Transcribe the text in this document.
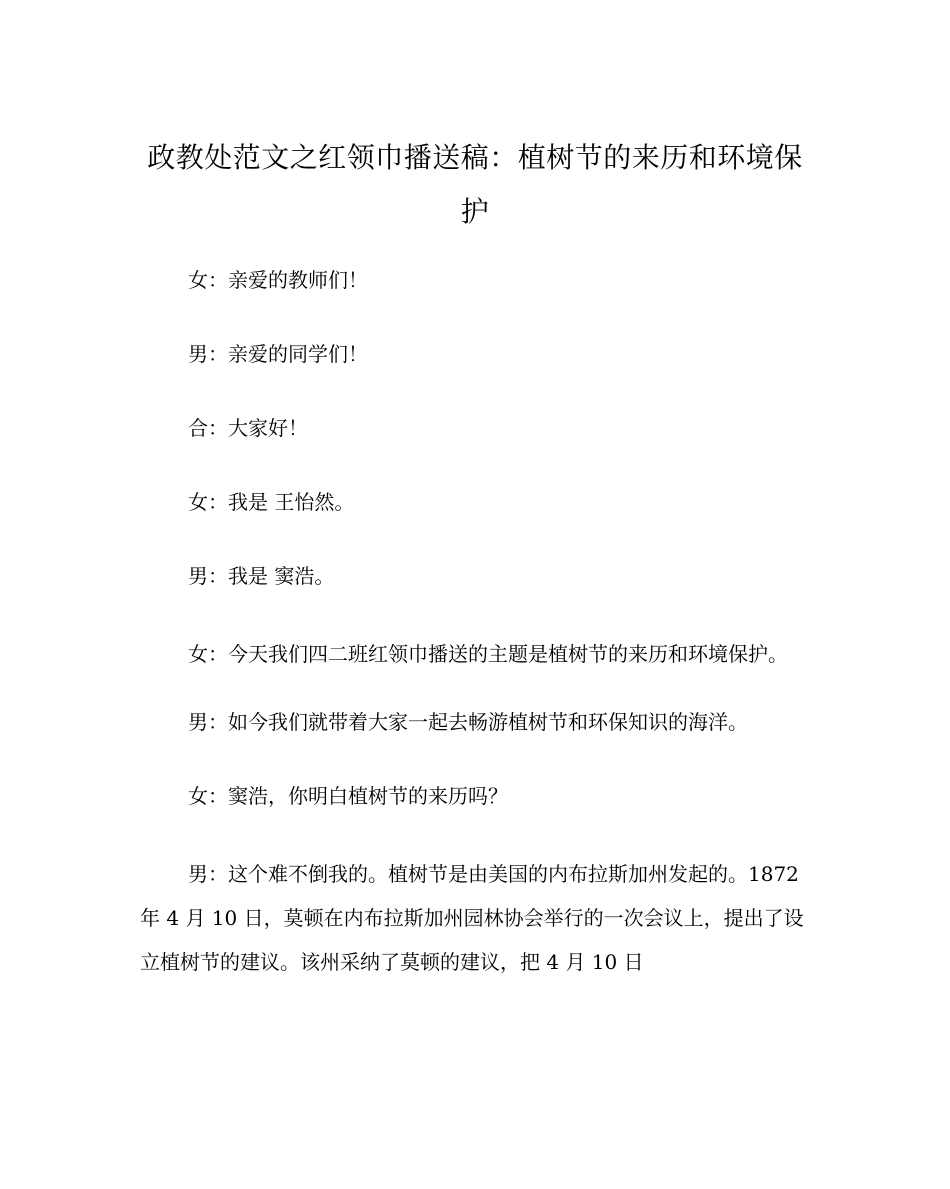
政教处范文之红领巾播送稿：植树节的来历和环境保护

女：亲爱的教师们！

男：亲爱的同学们！

合：大家好！

女：我是 王怡然。

男：我是 窦浩。

女：今天我们四二班红领巾播送的主题是植树节的来历和环境保护。

男：如今我们就带着大家一起去畅游植树节和环保知识的海洋。

女：窦浩，你明白植树节的来历吗？

男：这个难不倒我的。植树节是由美国的内布拉斯加州发起的。1872 年 4 月 10 日，莫顿在内布拉斯加州园林协会举行的一次会议上，提出了设立植树节的建议。该州采纳了莫顿的建议，把 4 月 10 日
